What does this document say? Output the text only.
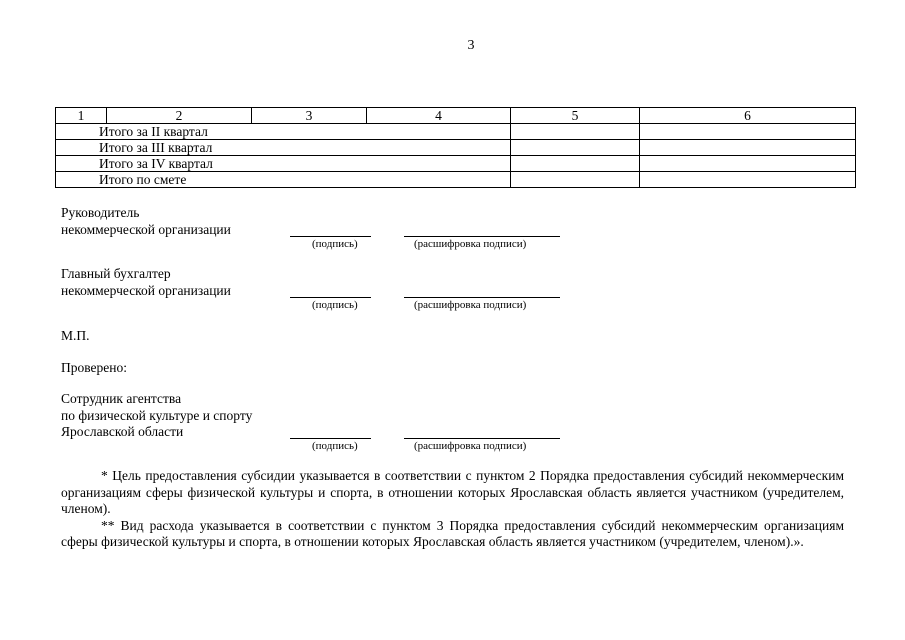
3
1	2	3	4	5	6
Итого за II квартал					
Итого за III квартал					
Итого за IV квартал					
Итого по смете					
Руководитель
некоммерческой организации
(подпись)	(расшифровка подписи)
Главный бухгалтер
некоммерческой организации
(подпись)	(расшифровка подписи)
М.П.
Проверено:
Сотрудник агентства
по физической культуре и спорту
Ярославской области
(подпись)	(расшифровка подписи)

* Цель предоставления субсидии указывается в соответствии с пунктом 2 Порядка предоставления субсидий некоммерческим организациям сферы физической культуры и спорта, в отношении которых Ярославская область является участником (учредителем, членом).

** Вид расхода указывается в соответствии с пунктом 3 Порядка предоставления субсидий некоммерческим организациям сферы физической культуры и спорта, в отношении которых Ярославская область является участником (учредителем, членом).».
